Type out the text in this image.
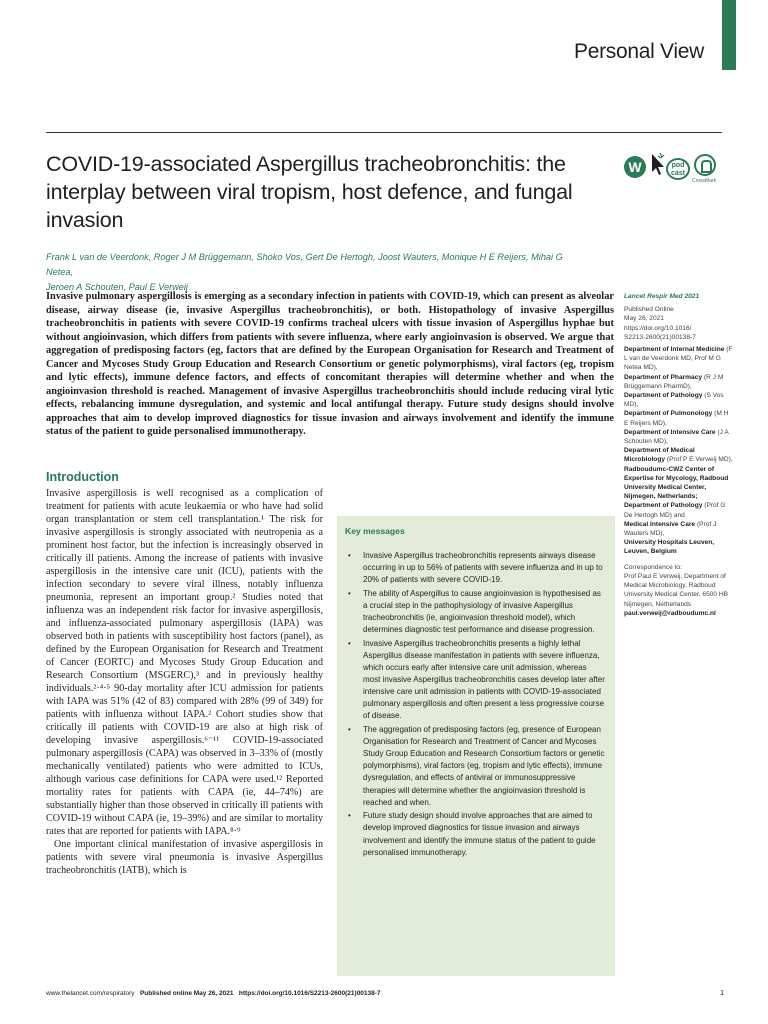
Personal View
COVID-19-associated Aspergillus tracheobronchitis: the interplay between viral tropism, host defence, and fungal invasion
W	pod cast
CrossMark
Frank L van de Veerdonk, Roger J M Brüggemann, Shoko Vos, Gert De Hertogh, Joost Wauters, Monique H E Reijers, Mihai G Netea,
Jeroen A Schouten, Paul E Verweij

Invasive pulmonary aspergillosis is emerging as a secondary infection in patients with COVID-19, which can present as alveolar disease, airway disease (ie, invasive Aspergillus tracheobronchitis), or both. Histopathology of invasive Aspergillus tracheobronchitis in patients with severe COVID-19 confirms tracheal ulcers with tissue invasion of Aspergillus hyphae but without angioinvasion, which differs from patients with severe influenza, where early angioinvasion is observed. We argue that aggregation of predisposing factors (eg, factors that are defined by the European Organisation for Research and Treatment of Cancer and Mycoses Study Group Education and Research Consortium or genetic polymorphisms), viral factors (eg, tropism and lytic effects), immune defence factors, and effects of concomitant therapies will determine whether and when the angioinvasion threshold is reached. Management of invasive Aspergillus tracheobronchitis should include reducing viral lytic effects, rebalancing immune dysregulation, and systemic and local antifungal therapy. Future study designs should involve approaches that aim to develop improved diagnostics for tissue invasion and airways involvement and identify the immune status of the patient to guide personalised immunotherapy.

Lancet Respir Med 2021
Published Online
May 26, 2021
https://doi.org/10.1016/
S2213-2600(21)00138-7
Department of Internal Medicine (F L van de Veerdonk MD, Prof M G Netea MD),
Department of Pharmacy (R J M Brüggemann PharmD),
Department of Pathology (S Vos MD),
Department of Pulmonology (M H E Reijers MD),
Department of Intensive Care (J A Schouten MD),
Department of Medical Microbiology (Prof P E Verweij MD),
Radboudumc-CWZ Center of Expertise for Mycology, Radboud University Medical Center, Nijmegen, Netherlands;
Department of Pathology (Prof G De Hertogh MD) and
Medical Intensive Care (Prof J Wauters MD),
University Hospitals Leuven, Leuven, Belgium
Correspondence to:
Prof Paul E Verweij, Department of Medical Microbiology, Radboud University Medical Center, 6500 HB Nijmegen, Netherlands
paul.verweij@radboudumc.nl
Introduction

Invasive aspergillosis is well recognised as a complication of treatment for patients with acute leukaemia or who have had solid organ transplantation or stem cell transplantation.¹ The risk for invasive aspergillosis is strongly associated with neutropenia as a prominent host factor, but the infection is increasingly observed in critically ill patients. Among the increase of patients with invasive aspergillosis in the intensive care unit (ICU), patients with the infection secondary to severe viral illness, notably influenza pneumonia, represent an important group.² Studies noted that influenza was an independent risk factor for invasive aspergillosis, and influenza-associated pulmonary aspergillosis (IAPA) was observed both in patients with susceptibility host factors (panel), as defined by the European Organisation for Research and Treatment of Cancer (EORTC) and Mycoses Study Group Education and Research Consortium (MSGERC),³ and in previously healthy individuals.²·⁴·⁵ 90-day mortality after ICU admission for patients with IAPA was 51% (42 of 83) compared with 28% (99 of 349) for patients with influenza without IAPA.² Cohort studies show that critically ill patients with COVID-19 are also at high risk of developing invasive aspergillosis.⁶⁻¹¹ COVID-19-associated pulmonary aspergillosis (CAPA) was observed in 3–33% of (mostly mechanically ventilated) patients who were admitted to ICUs, although various case definitions for CAPA were used.¹² Reported mortality rates for patients with CAPA (ie, 44–74%) are substantially higher than those observed in critically ill patients with COVID-19 without CAPA (ie, 19–39%) and are similar to mortality rates that are reported for patients with IAPA.⁸·⁹

One important clinical manifestation of invasive aspergillosis in patients with severe viral pneumonia is invasive Aspergillus tracheobronchitis (IATB), which is

Key messages
• Invasive Aspergillus tracheobronchitis represents airways disease occurring in up to 56% of patients with severe influenza and in up to 20% of patients with severe COVID-19.
• The ability of Aspergillus to cause angioinvasion is hypothesised as a crucial step in the pathophysiology of invasive Aspergillus tracheobronchitis (ie, angioinvasion threshold model), which determines diagnostic test performance and disease progression.
• Invasive Aspergillus tracheobronchitis presents a highly lethal Aspergillus disease manifestation in patients with severe influenza, which occurs early after intensive care unit admission, whereas most invasive Aspergillus tracheobronchitis cases develop later after intensive care unit admission in patients with COVID-19-associated pulmonary aspergillosis and often present a less progressive course of disease.
• The aggregation of predisposing factors (eg, presence of European Organisation for Research and Treatment of Cancer and Mycoses Study Group Education and Research Consortium factors or genetic polymorphisms), viral factors (eg, tropism and lytic effects), immune dysregulation, and effects of antiviral or immunosuppressive therapies will determine whether the angioinvasion threshold is reached and when.
• Future study design should involve approaches that are aimed to develop improved diagnostics for tissue invasion and airways involvement and identify the immune status of the patient to guide personalised immunotherapy.
www.thelancet.com/respiratory Published online May 26, 2021 https://doi.org/10.1016/S2213-2600(21)00138-7	1
